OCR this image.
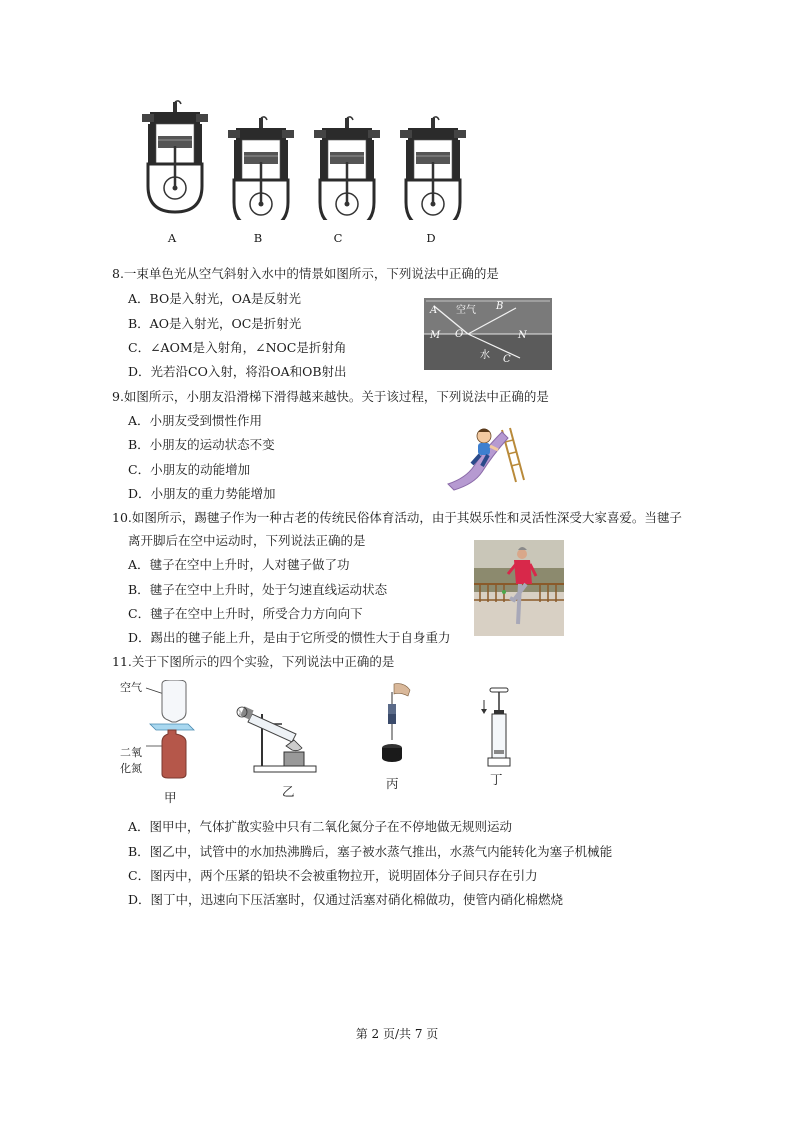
A	B	C	D
8.一束单色光从空气斜射入水中的情景如图所示，下列说法中正确的是
A．BO是入射光，OA是反射光
B．AO是入射光，OC是折射光
C．∠AOM是入射角，∠NOC是折射角
D．光若沿CO入射，将沿OA和OB射出
A 空气 B
M O	N
水 C
9.如图所示，小朋友沿滑梯下滑得越来越快。关于该过程，下列说法中正确的是
A．小朋友受到惯性作用
B．小朋友的运动状态不变
C．小朋友的动能增加
D．小朋友的重力势能增加
10.如图所示，踢毽子作为一种古老的传统民俗体育活动，由于其娱乐性和灵活性深受大家喜爱。当毽子
离开脚后在空中运动时，下列说法正确的是
A．毽子在空中上升时，人对毽子做了功
B．毽子在空中上升时，处于匀速直线运动状态
C．毽子在空中上升时，所受合力方向向下
D．踢出的毽子能上升，是由于它所受的惯性大于自身重力
11.关于下图所示的四个实验，下列说法中正确的是
空气
二氧
化氮
甲
》
乙
丙	丁
A．图甲中，气体扩散实验中只有二氧化氮分子在不停地做无规则运动
B．图乙中，试管中的水加热沸腾后，塞子被水蒸气推出，水蒸气内能转化为塞子机械能
C．图丙中，两个压紧的铅块不会被重物拉开，说明固体分子间只存在引力
D．图丁中，迅速向下压活塞时，仅通过活塞对硝化棉做功，使管内硝化棉燃烧
第 2 页/共 7 页
